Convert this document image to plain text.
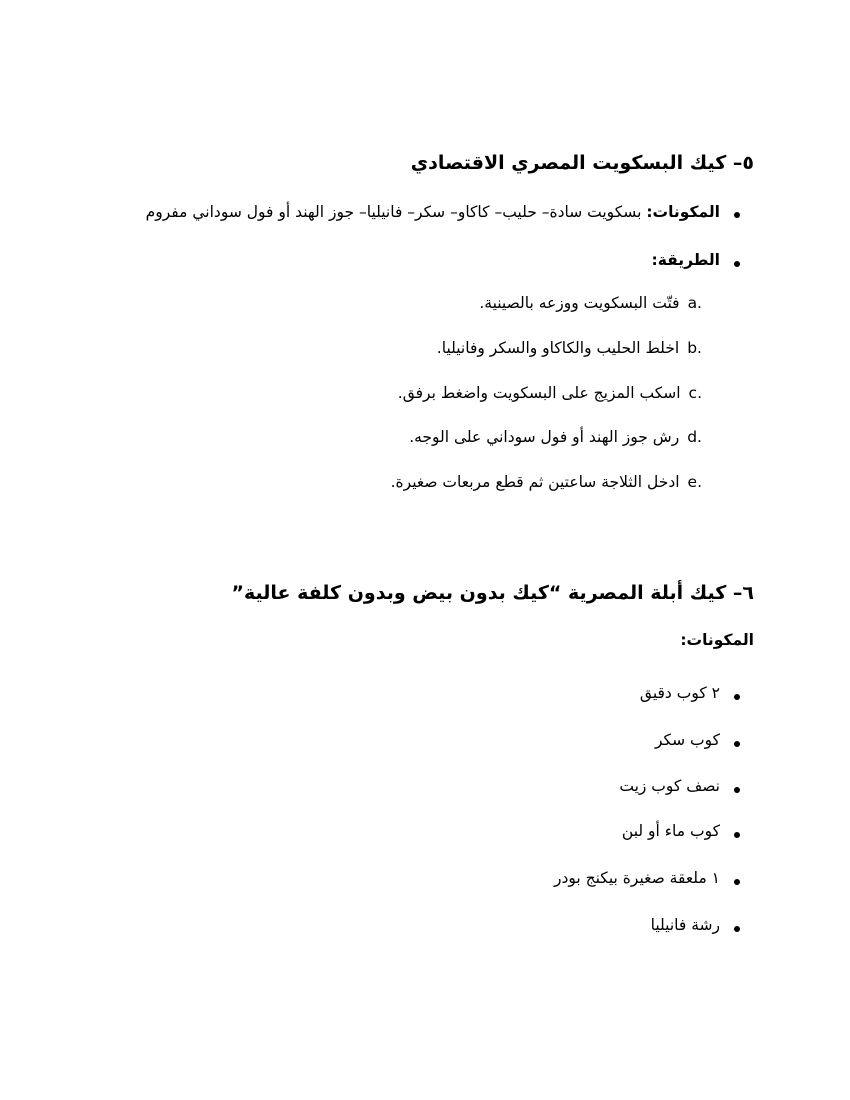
٥– كيك البسكويت المصري الاقتصادي
المكونات: بسكويت سادة– حليب– كاكاو– سكر– فانيليا– جوز الهند أو فول سوداني مفروم
الطريقة:
فتّت البسكويت ووزعه بالصينية. a.
اخلط الحليب والكاكاو والسكر وفانيليا. b.
اسكب المزيج على البسكويت واضغط برفق. c.
رش جوز الهند أو فول سوداني على الوجه. d.
ادخل الثلاجة ساعتين ثم قطع مربعات صغيرة. e.
٦– كيك أبلة المصرية “كيك بدون بيض وبدون كلفة عالية”
المكونات:
٢ كوب دقيق
كوب سكر
نصف كوب زيت
كوب ماء أو لبن
١ ملعقة صغيرة بيكنج بودر
رشة فانيليا
